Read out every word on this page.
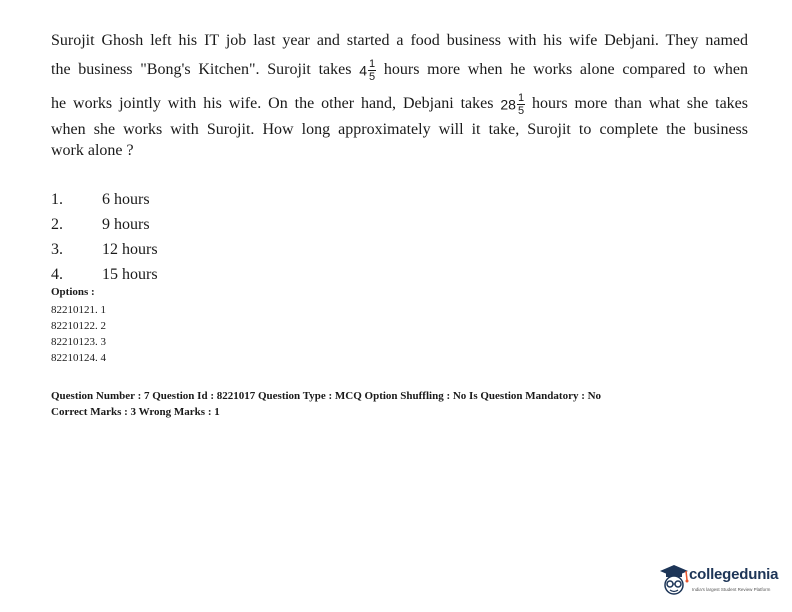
Surojit Ghosh left his IT job last year and started a food business with his wife Debjani. They named
the business "Bong's Kitchen". Surojit takes $4 \frac{1}{5}$ hours more when he works alone compared to when
he works jointly with his wife. On the other hand, Debjani takes $28 \frac{1}{5}$ hours more than what she takes
when she works with Surojit. How long approximately will it take, Surojit to complete the business
work alone ?
1. 6 hours
2. 9 hours
3. 12 hours
4. 15 hours
Options :
82210121. 1
82210122. 2
82210123. 3
82210124. 4
Question Number : 7 Question Id : 8221017 Question Type : MCQ Option Shuffling : No Is Question Mandatory : No
Correct Marks : 3 Wrong Marks : 1
collegedunia
India's largest Student Review Platform
